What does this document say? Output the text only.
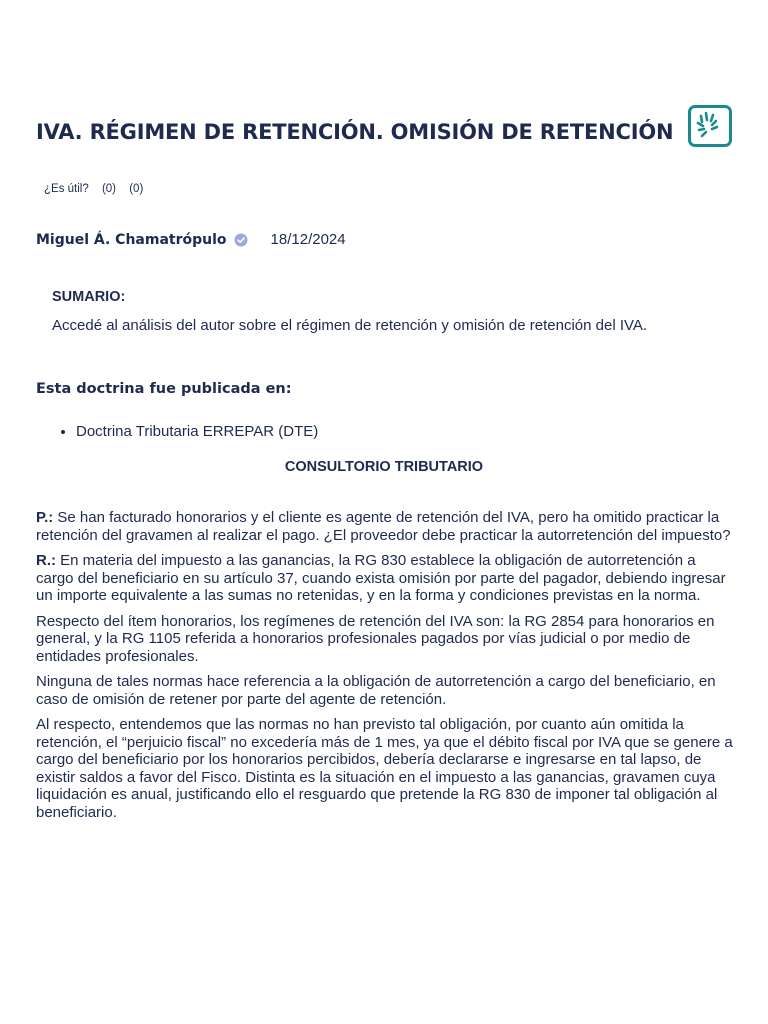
IVA. RÉGIMEN DE RETENCIÓN. OMISIÓN DE RETENCIÓN
¿Es útil? (0) (0)
Miguel Á. Chamatrópulo	18/12/2024
SUMARIO:
Accedé al análisis del autor sobre el régimen de retención y omisión de retención del IVA.
Esta doctrina fue publicada en:
• Doctrina Tributaria ERREPAR (DTE)
CONSULTORIO TRIBUTARIO

P.: Se han facturado honorarios y el cliente es agente de retención del IVA, pero ha omitido practicar la retención del gravamen al realizar el pago. ¿El proveedor debe practicar la autorretención del impuesto?

R.: En materia del impuesto a las ganancias, la RG 830 establece la obligación de autorretención a cargo del beneficiario en su artículo 37, cuando exista omisión por parte del pagador, debiendo ingresar un importe equivalente a las sumas no retenidas, y en la forma y condiciones previstas en la norma.

Respecto del ítem honorarios, los regímenes de retención del IVA son: la RG 2854 para honorarios en general, y la RG 1105 referida a honorarios profesionales pagados por vías judicial o por medio de entidades profesionales.

Ninguna de tales normas hace referencia a la obligación de autorretención a cargo del beneficiario, en caso de omisión de retener por parte del agente de retención.

Al respecto, entendemos que las normas no han previsto tal obligación, por cuanto aún omitida la retención, el “perjuicio fiscal” no excedería más de 1 mes, ya que el débito fiscal por IVA que se genere a cargo del beneficiario por los honorarios percibidos, debería declararse e ingresarse en tal lapso, de existir saldos a favor del Fisco. Distinta es la situación en el impuesto a las ganancias, gravamen cuya liquidación es anual, justificando ello el resguardo que pretende la RG 830 de imponer tal obligación al beneficiario.
